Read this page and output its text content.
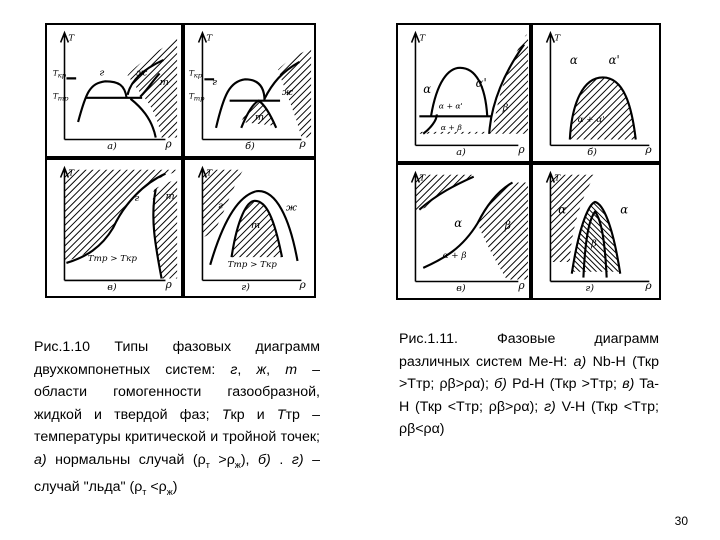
T
T кр
T тр
г	ж
т
а)	ρ
T
T кр
T тр
г
ж
т
б)	ρ
T
г	т
Tтр > Tкр
в)	ρ
T
г	ж
т
Tтр > Tкр
г)	ρ
T
α	α'
α + α'
α + β
β
а)	ρ
T
α	α'
α + α'
б)	ρ
T
α
α + β
β
в)	ρ
T
α	α
β
г)	ρ

Рис.1.10 Типы фазовых диаграмм двухкомпонетных систем: г, ж, т – области гомогенности газообразной, жидкой и твердой фаз; Ткр и Ттр – температуры критической и тройной точек; а) нормальны случай $(\rho_т >\rho_ж)$, б) . г) – случай "льда" $(\rho_т <\rho_ж)$

Рис.1.11. Фазовые диаграмм различных систем Ме-Н: а) Nb-H (Ткр >Ттр; ρβ>ρα); б) Pd-H (Ткр >Ттр; в) Ta-H (Ткр <Ттр; ρβ>ρα); г) V-H (Ткр <Ттр; ρβ<ρα)

30
